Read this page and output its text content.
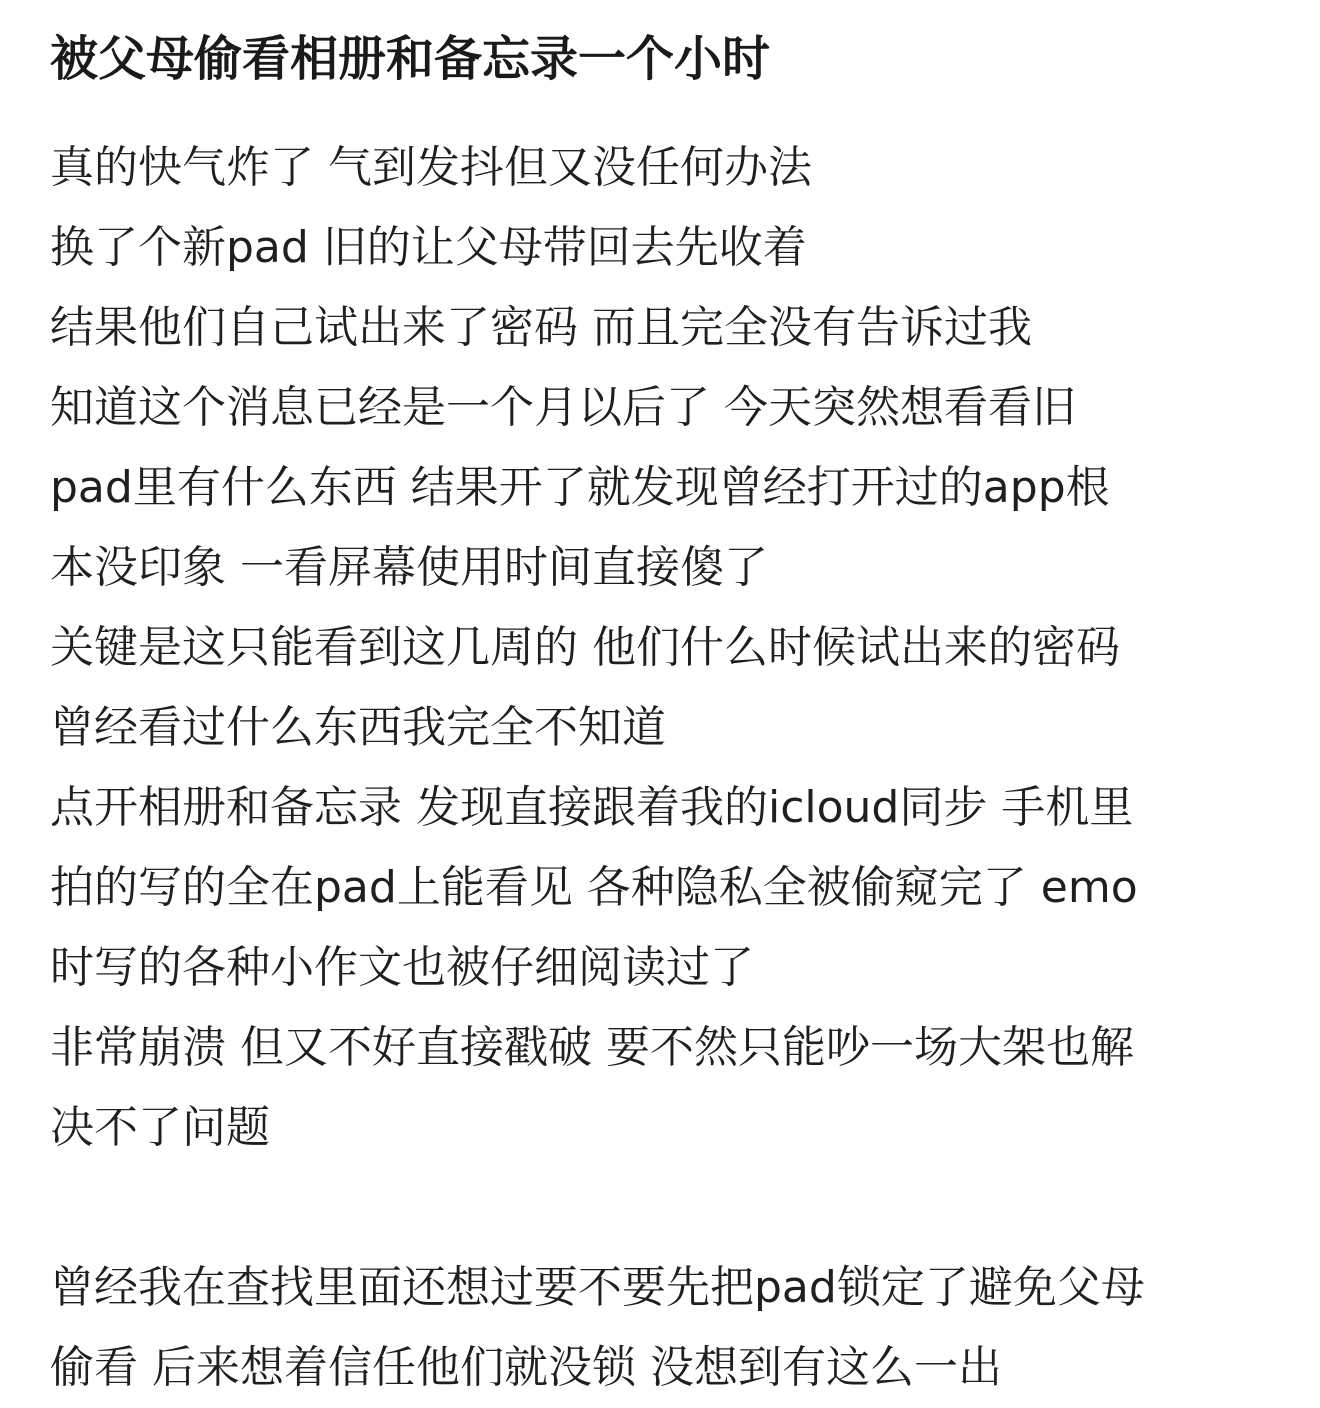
被父母偷看相册和备忘录一个小时
真的快气炸了 气到发抖但又没任何办法
换了个新pad 旧的让父母带回去先收着
结果他们自己试出来了密码 而且完全没有告诉过我
知道这个消息已经是一个月以后了 今天突然想看看旧
pad里有什么东西 结果开了就发现曾经打开过的app根
本没印象 一看屏幕使用时间直接傻了
关键是这只能看到这几周的 他们什么时候试出来的密码
曾经看过什么东西我完全不知道
点开相册和备忘录 发现直接跟着我的icloud同步 手机里
拍的写的全在pad上能看见 各种隐私全被偷窥完了 emo
时写的各种小作文也被仔细阅读过了
非常崩溃 但又不好直接戳破 要不然只能吵一场大架也解
决不了问题
曾经我在查找里面还想过要不要先把pad锁定了避免父母
偷看 后来想着信任他们就没锁 没想到有这么一出
